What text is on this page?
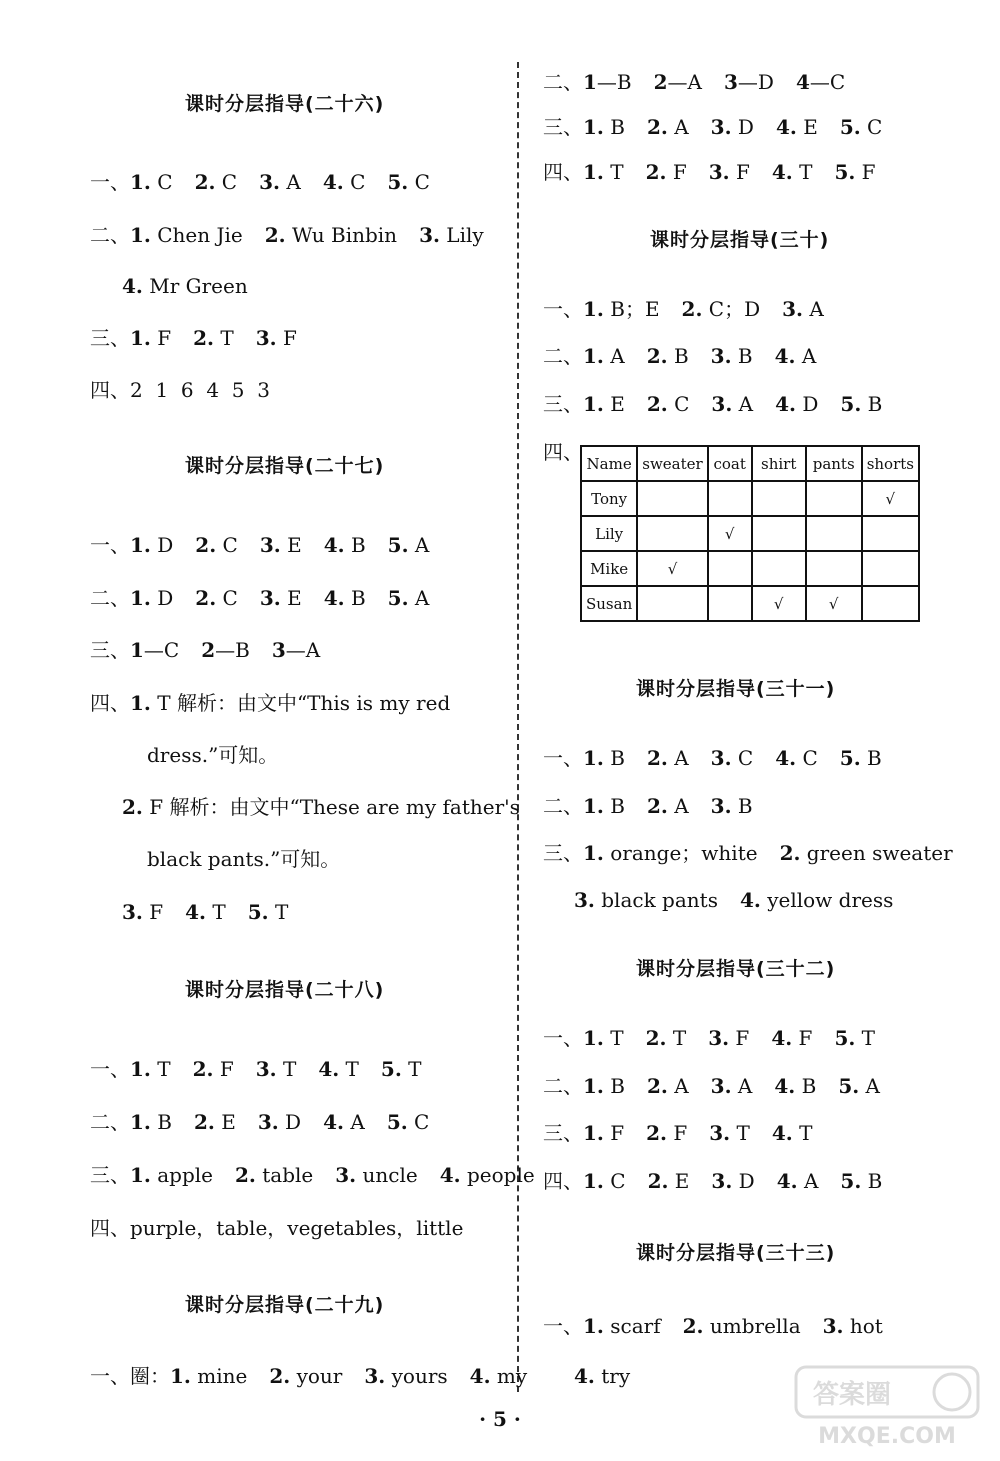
课时分层指导(二十六)
一、1. C 2. C 3. A 4. C 5. C
二、1. Chen Jie 2. Wu Binbin 3. Lily
4. Mr Green
三、1. F 2. T 3. F
四、2  1  6  4  5  3
课时分层指导(二十七)
一、1. D 2. C 3. E 4. B 5. A
二、1. D 2. C 3. E 4. B 5. A
三、1—C 2—B 3—A
四、1. T 解析：由文中“This is my red
dress.”可知。
2. F 解析：由文中“These are my father's
black pants.”可知。
3. F 4. T 5. T
课时分层指导(二十八)
一、1. T 2. F 3. T 4. T 5. T
二、1. B 2. E 3. D 4. A 5. C
三、1. apple 2. table 3. uncle 4. people
四、purple，table，vegetables，little
课时分层指导(二十九)
一、圈：1. mine 2. your 3. yours 4. my
二、1—B 2—A 3—D 4—C
三、1. B 2. A 3. D 4. E 5. C
四、1. T 2. F 3. F 4. T 5. F
课时分层指导(三十)
一、1. B；E 2. C；D 3. A
二、1. A 2. B 3. B 4. A
三、1. E 2. C 3. A 4. D 5. B
四、 Name	sweater	coat	shirt	pants	shorts
Tony					√
Lily		√			
Mike	√				
Susan			√	√	
课时分层指导(三十一)
一、1. B 2. A 3. C 4. C 5. B
二、1. B 2. A 3. B
三、1. orange；white 2. green sweater
3. black pants 4. yellow dress
课时分层指导(三十二)
一、1. T 2. T 3. F 4. F 5. T
二、1. B 2. A 3. A 4. B 5. A
三、1. F 2. F 3. T 4. T
四、1. C 2. E 3. D 4. A 5. B
课时分层指导(三十三)
一、1. scarf 2. umbrella 3. hot
4. try
· 5 ·
答案圈
MXQE.COM
